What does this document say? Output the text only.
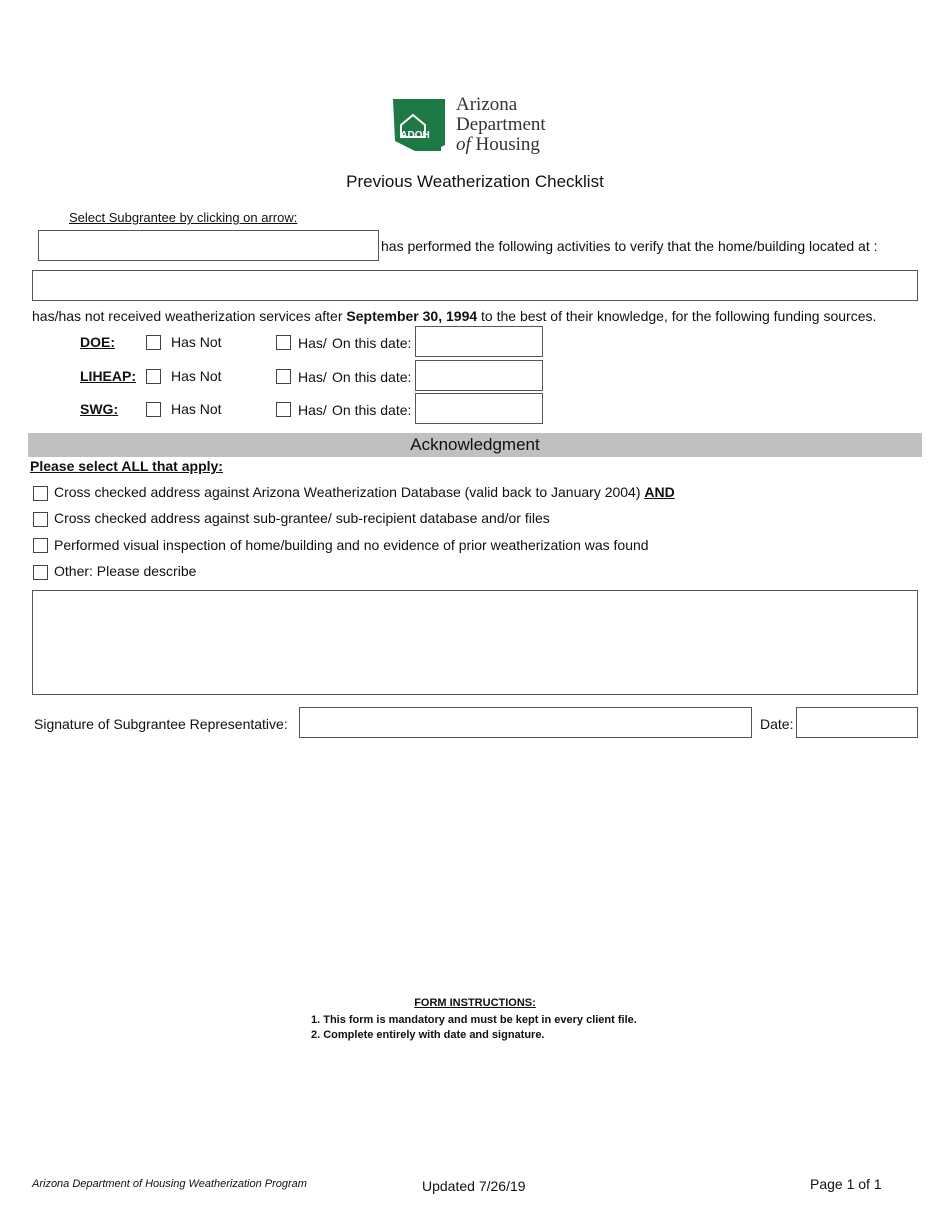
ADOH
Arizona
Department
of Housing
Previous Weatherization Checklist
Select Subgrantee by clicking on arrow:
has performed the following activities to verify that the home/building located at :
has/has not received weatherization services after September 30, 1994 to the best of their knowledge, for the following funding sources.
DOE:	Has Not	Has/ On this date:
LIHEAP:	Has Not	Has/ On this date:
SWG:	Has Not	Has/ On this date:
Acknowledgment
Please select ALL that apply:
Cross checked address against Arizona Weatherization Database (valid back to January 2004) AND
Cross checked address against sub-grantee/ sub-recipient database and/or files
Performed visual inspection of home/building and no evidence of prior weatherization was found
Other: Please describe
Signature of Subgrantee Representative:	Date:
FORM INSTRUCTIONS:
1. This form is mandatory and must be kept in every client file.
2. Complete entirely with date and signature.
Arizona Department of Housing Weatherization Program	Updated 7/26/19	Page 1 of 1
